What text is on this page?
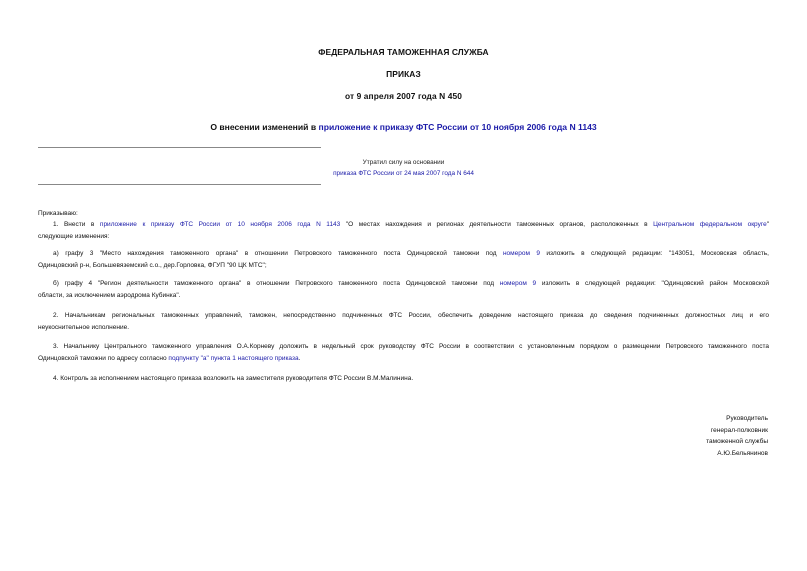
ФЕДЕРАЛЬНАЯ ТАМОЖЕННАЯ СЛУЖБА
ПРИКАЗ
от 9 апреля 2007 года N 450
О внесении изменений в приложение к приказу ФТС России от 10 ноября 2006 года N 1143
Утратил силу на основании
приказа ФТС России от 24 мая 2007 года N 644
Приказываю:
1. Внести в приложение к приказу ФТС России от 10 ноября 2006 года N 1143 "О местах нахождения и регионах деятельности таможенных органов, расположенных в Центральном федеральном округе"
следующие изменения:
а) графу 3 "Место нахождения таможенного органа" в отношении Петровского таможенного поста Одинцовской таможни под номером 9 изложить в следующей редакции: "143051, Московская область,
Одинцовский р-н, Большевяземский с.о., дер.Горловка, ФГУП "90 ЦК МТС";
б) графу 4 "Регион деятельности таможенного органа" в отношении Петровского таможенного поста Одинцовской таможни под номером 9 изложить в следующей редакции: "Одинцовский район Московской
области, за исключением аэродрома Кубинка".
2. Начальникам региональных таможенных управлений, таможен, непосредственно подчиненных ФТС России, обеспечить доведение настоящего приказа до сведения подчиненных должностных лиц и его
неукоснительное исполнение.
3. Начальнику Центрального таможенного управления О.А.Корневу доложить в недельный срок руководству ФТС России в соответствии с установленным порядком о размещении Петровского таможенного поста
Одинцовской таможни по адресу согласно подпункту "а" пункта 1 настоящего приказа.
4. Контроль за исполнением настоящего приказа возложить на заместителя руководителя ФТС России В.М.Малинина.
Руководитель
генерал-полковник
таможенной службы
А.Ю.Бельянинов
